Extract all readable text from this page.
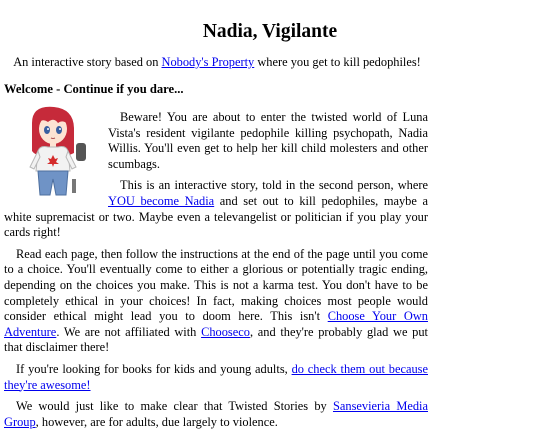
Nadia, Vigilante

An interactive story based on Nobody's Property where you get to kill pedophiles!

Welcome - Continue if you dare...

Beware! You are about to enter the twisted world of Luna Vista's resident vigilante pedophile killing psychopath, Nadia Willis. You'll even get to help her kill child molesters and other scumbags.

This is an interactive story, told in the second person, where YOU become Nadia and set out to kill pedophiles, maybe a white supremacist or two. Maybe even a televangelist or politician if you play your cards right!

Read each page, then follow the instructions at the end of the page until you come to a choice. You'll eventually come to either a glorious or potentially tragic ending, depending on the choices you make. This is not a karma test. You don't have to be completely ethical in your choices! In fact, making choices most people would consider ethical might lead you to doom here. This isn't Choose Your Own Adventure. We are not affiliated with Chooseco, and they're probably glad we put that disclaimer there!

If you're looking for books for kids and young adults, do check them out because they're awesome!

We would just like to make clear that Twisted Stories by Sansevieria Media Group, however, are for adults, due largely to violence.
